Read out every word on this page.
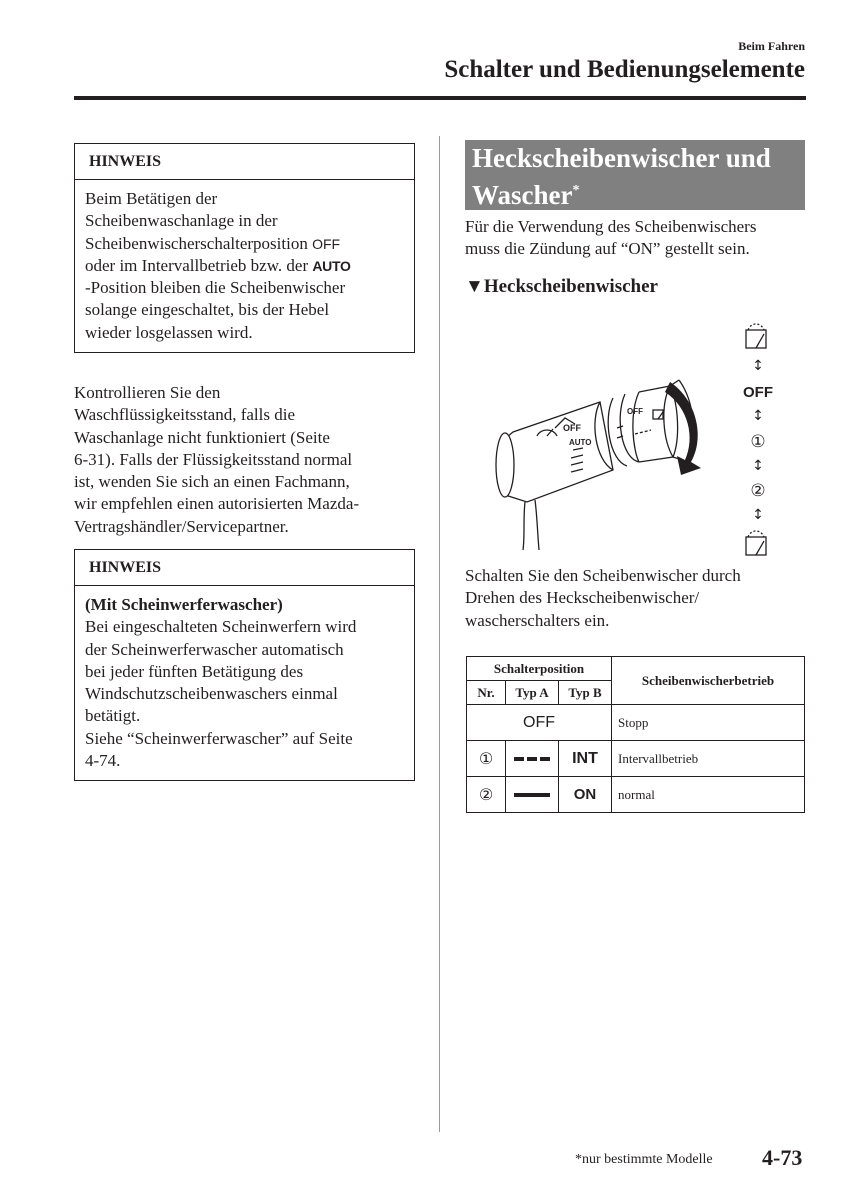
Beim Fahren
Schalter und Bedienungselemente
HINWEIS
Beim Betätigen der
Scheibenwaschanlage in der
Scheibenwischerschalterposition OFF
oder im Intervallbetrieb bzw. der AUTO
-Position bleiben die Scheibenwischer
solange eingeschaltet, bis der Hebel
wieder losgelassen wird.
Kontrollieren Sie den
Waschflüssigkeitsstand, falls die
Waschanlage nicht funktioniert (Seite
6-31). Falls der Flüssigkeitsstand normal
ist, wenden Sie sich an einen Fachmann,
wir empfehlen einen autorisierten Mazda-
Vertragshändler/Servicepartner.
HINWEIS
(Mit Scheinwerferwascher)
Bei eingeschalteten Scheinwerfern wird
der Scheinwerferwascher automatisch
bei jeder fünften Betätigung des
Windschutzscheibenwaschers einmal
betätigt.
Siehe “Scheinwerferwascher” auf Seite
4-74.
Heckscheibenwischer und
Wascher*
Für die Verwendung des Scheibenwischers
muss die Zündung auf “ON” gestellt sein.
▼Heckscheibenwischer
OFF
AUTO
OFF
↕
OFF
↕
①
↕
②
↕
Schalten Sie den Scheibenwischer durch
Drehen des Heckscheibenwischer/
wascherschalters ein.
Schalterposition			Scheibenwischerbetrieb
Nr.	Typ A	Typ B	
OFF			Stopp
①		INT	Intervallbetrieb
②		ON	normal
*nur bestimmte Modelle 4-73
